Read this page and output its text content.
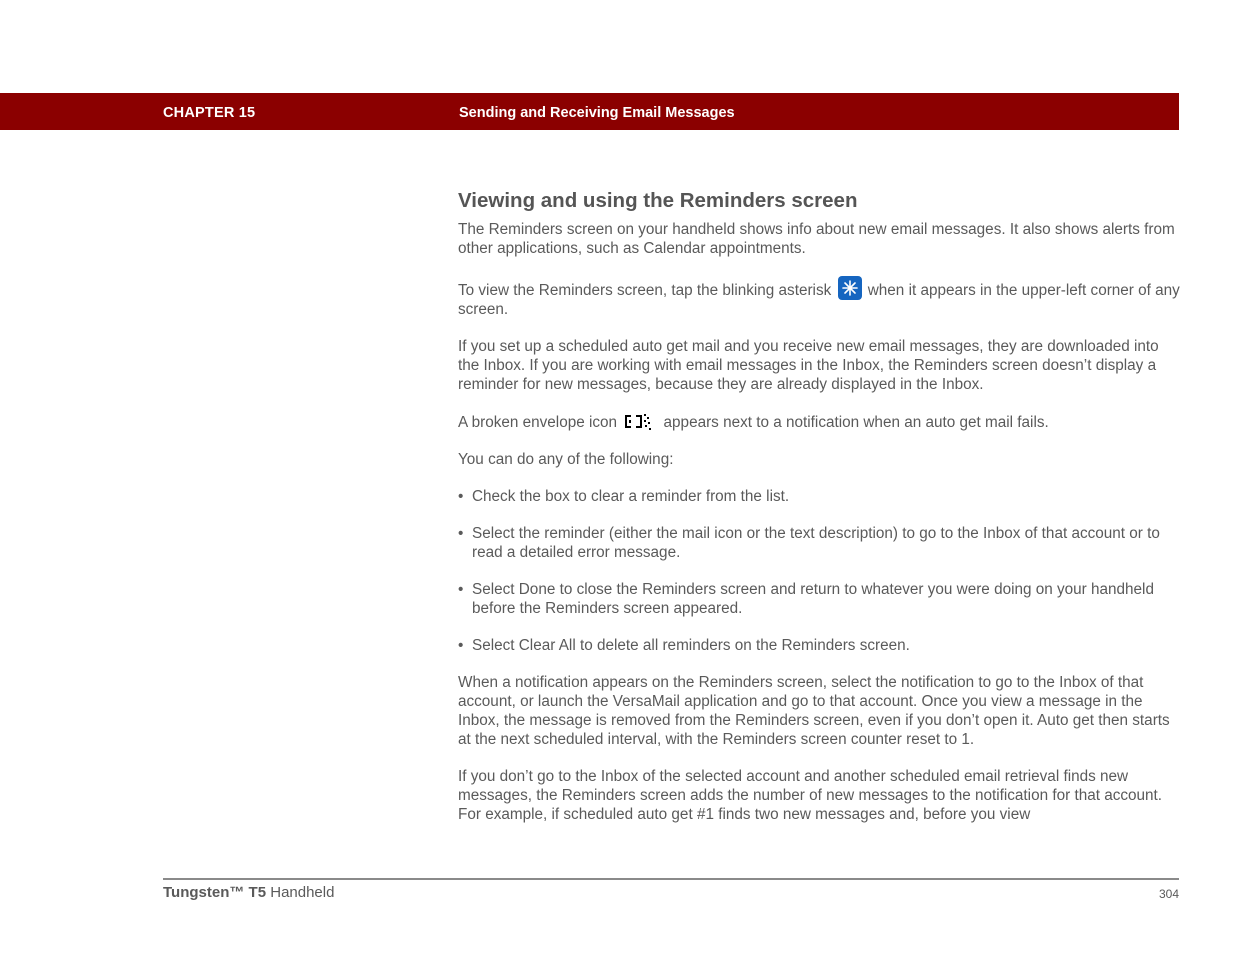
CHAPTER 15	Sending and Receiving Email Messages
Viewing and using the Reminders screen

The Reminders screen on your handheld shows info about new email messages. It also shows alerts from other applications, such as Calendar appointments.

To view the Reminders screen, tap the blinking asterisk when it appears in the upper-left corner of any screen.

If you set up a scheduled auto get mail and you receive new email messages, they are downloaded into the Inbox. If you are working with email messages in the Inbox, the Reminders screen doesn’t display a reminder for new messages, because they are already displayed in the Inbox.

A broken envelope icon	appears next to a notification when an auto get mail fails.

You can do any of the following:

• Check the box to clear a reminder from the list.
• Select the reminder (either the mail icon or the text description) to go to the Inbox of that account or to read a detailed error message.
• Select Done to close the Reminders screen and return to whatever you were doing on your handheld before the Reminders screen appeared.
• Select Clear All to delete all reminders on the Reminders screen.

When a notification appears on the Reminders screen, select the notification to go to the Inbox of that account, or launch the VersaMail application and go to that account. Once you view a message in the Inbox, the message is removed from the Reminders screen, even if you don’t open it. Auto get then starts at the next scheduled interval, with the Reminders screen counter reset to 1.

If you don’t go to the Inbox of the selected account and another scheduled email retrieval finds new messages, the Reminders screen adds the number of new messages to the notification for that account. For example, if scheduled auto get #1 finds two new messages and, before you view

Tungsten™ T5 Handheld	304
